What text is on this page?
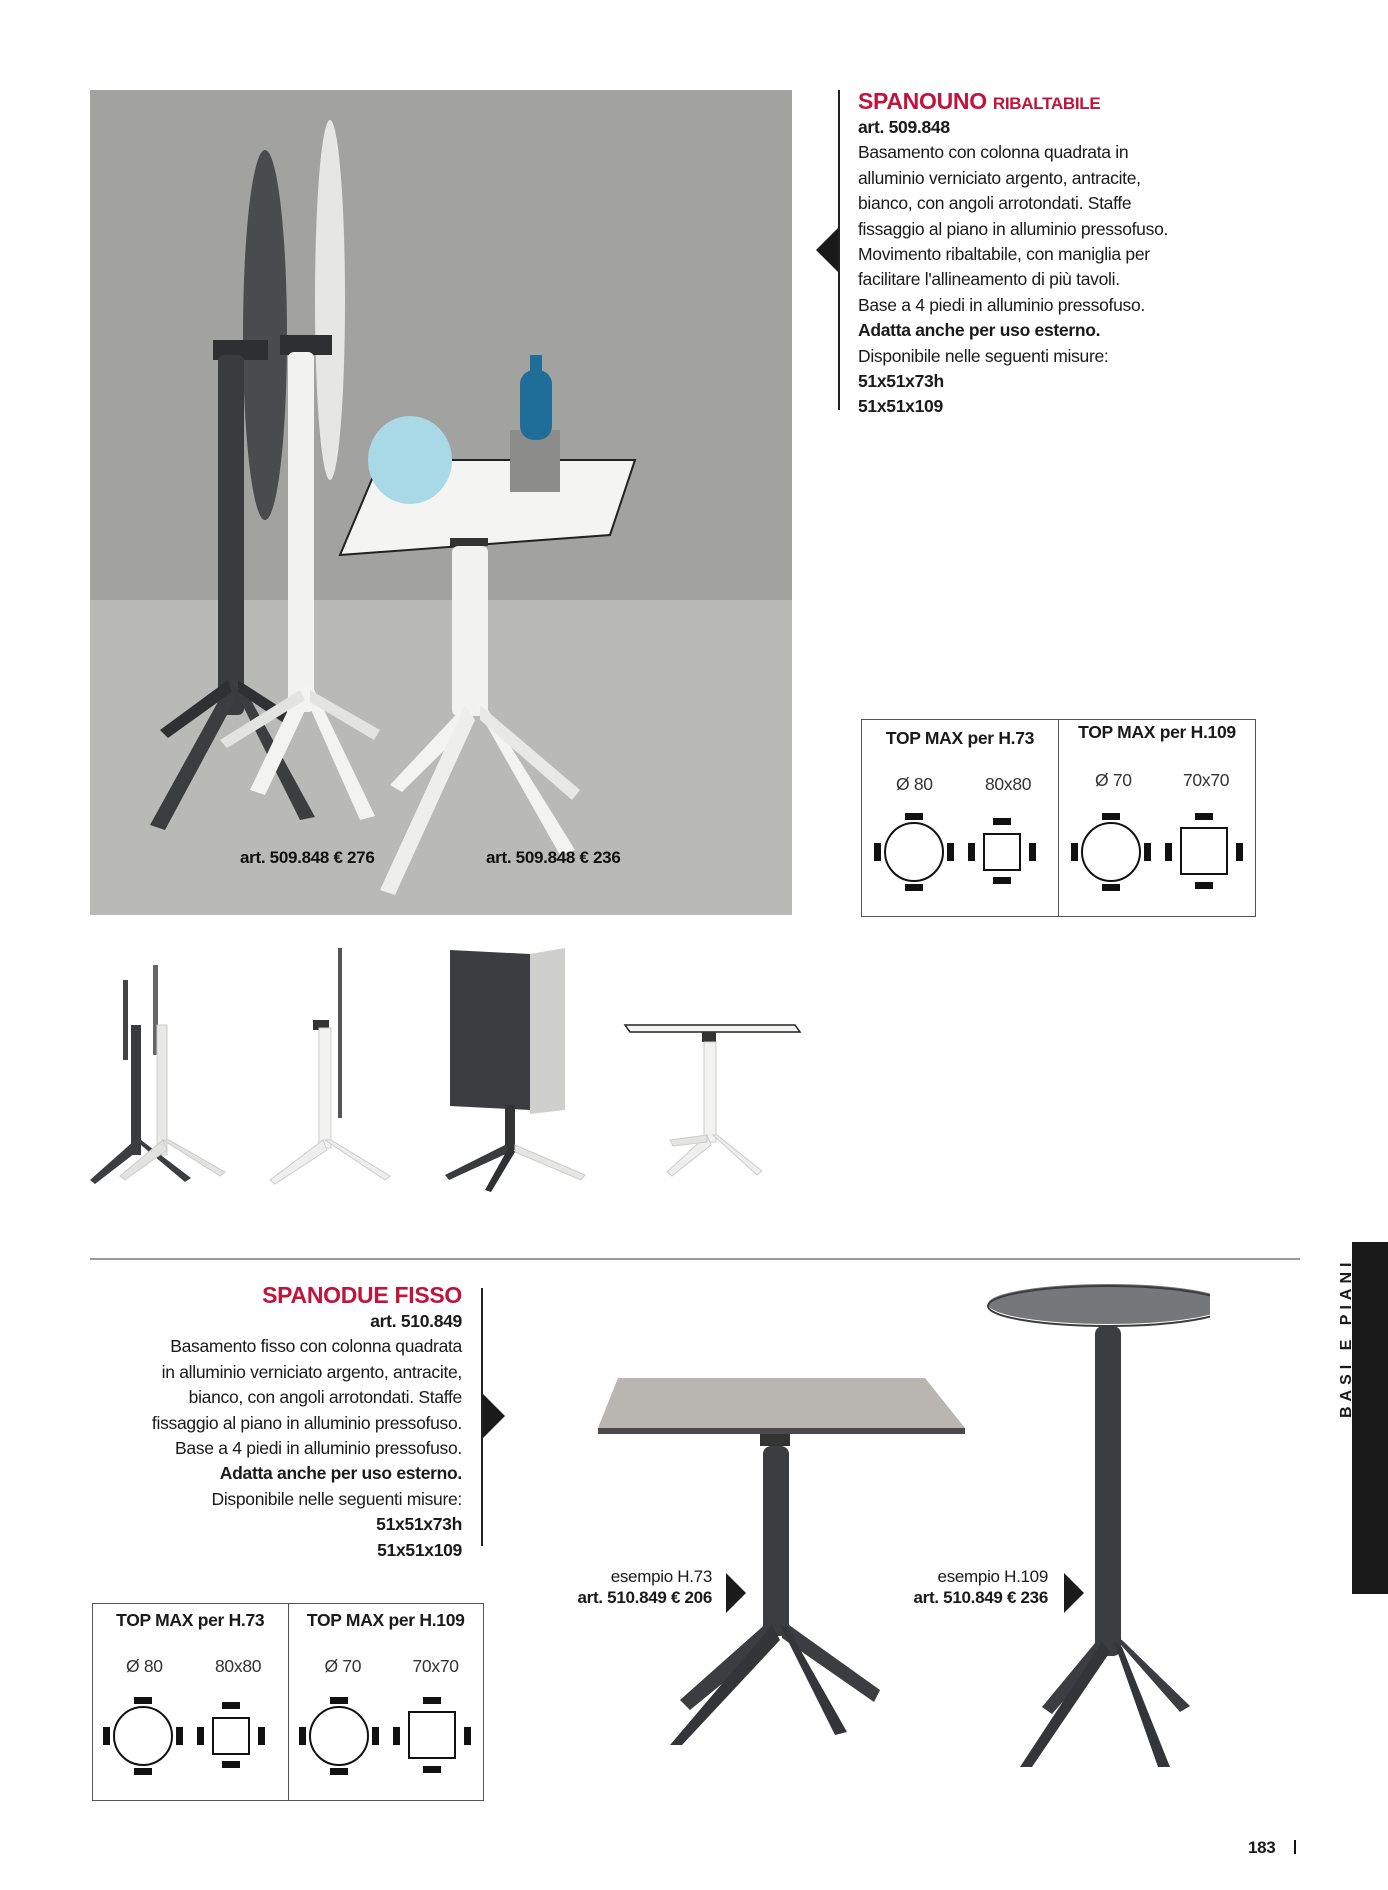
art. 509.848 € 276	art. 509.848 € 236
SPANOUNO RIBALTABILE
art. 509.848
Basamento con colonna quadrata in
alluminio verniciato argento, antracite,
bianco, con angoli arrotondati. Staffe
fissaggio al piano in alluminio pressofuso.
Movimento ribaltabile, con maniglia per
facilitare l'allineamento di più tavoli.
Base a 4 piedi in alluminio pressofuso.
Adatta anche per uso esterno.
Disponibile nelle seguenti misure:
51x51x73h
51x51x109
TOP MAX per H.73
Ø 80	80x80
TOP MAX per H.109
Ø 70	70x70
BASI E PIANI
SPANODUE FISSO
art. 510.849
Basamento fisso con colonna quadrata
in alluminio verniciato argento, antracite,
bianco, con angoli arrotondati. Staffe
fissaggio al piano in alluminio pressofuso.
Base a 4 piedi in alluminio pressofuso.
Adatta anche per uso esterno.
Disponibile nelle seguenti misure:
51x51x73h
51x51x109
TOP MAX per H.73
Ø 80	80x80
TOP MAX per H.109
Ø 70	70x70
esempio H.73
art. 510.849 € 206
esempio H.109
art. 510.849 € 236
183
